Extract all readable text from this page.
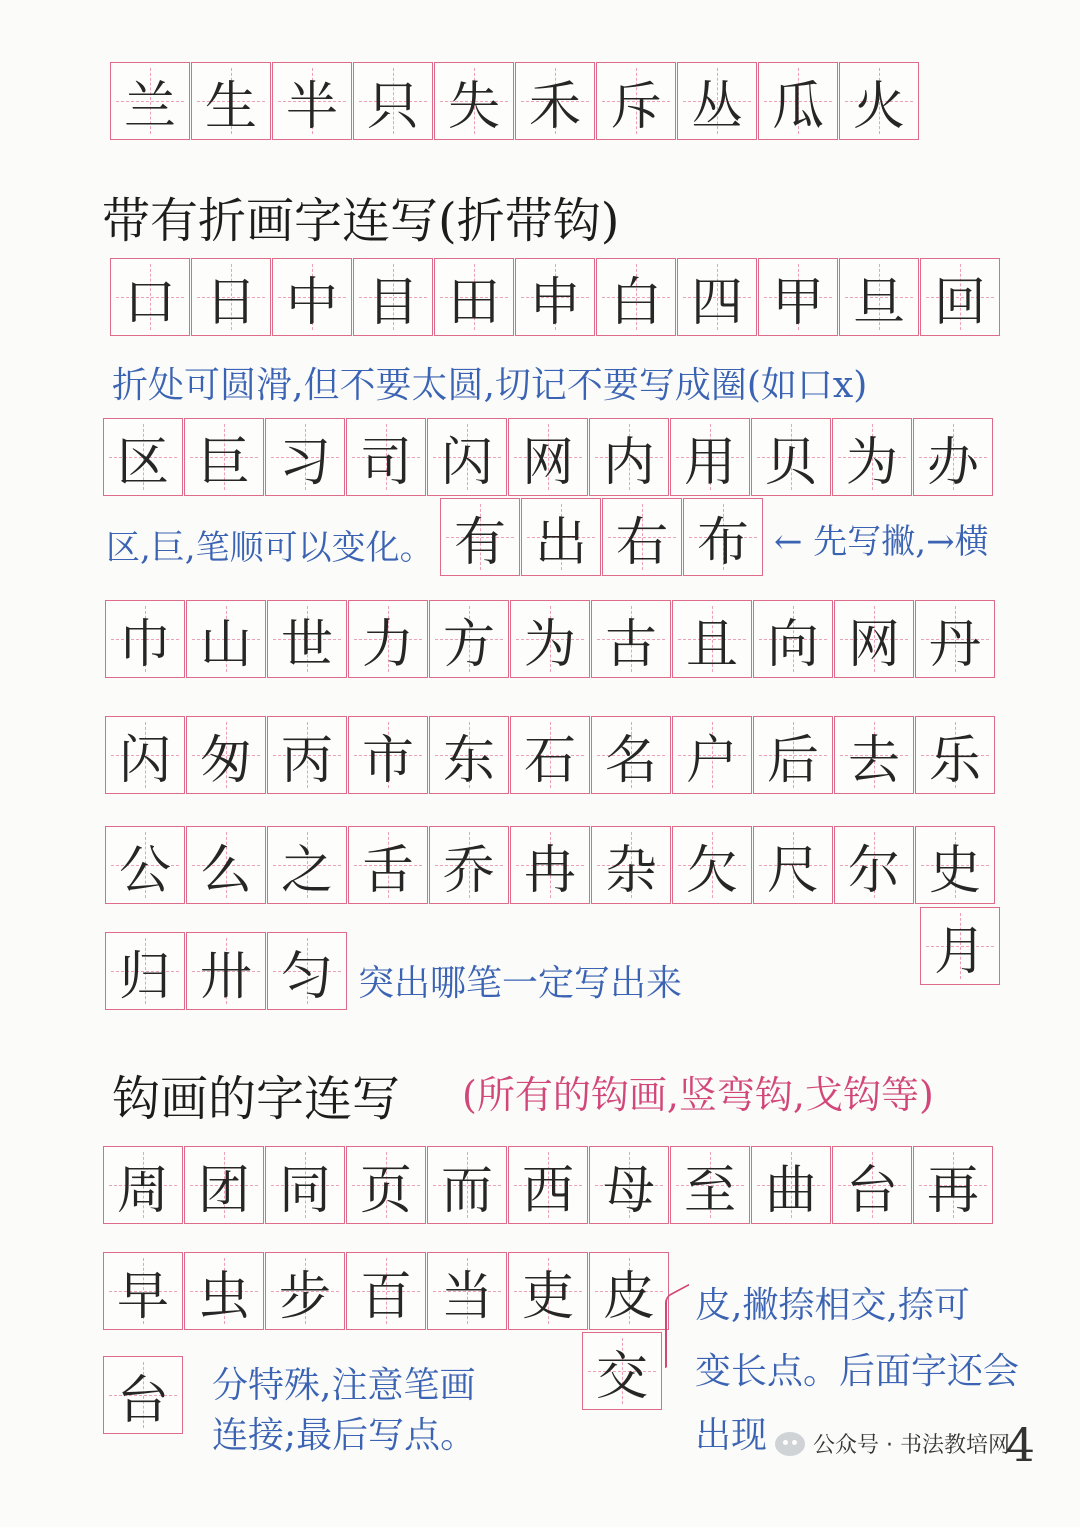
兰 生 半 只 失 禾 斥 丛 瓜 火
带有折画字连写(折带钩)
口 日 中 目 田 申 白 四 甲 旦 回
折处可圆滑,但不要太圆,切记不要写成圈(如口x)
区 巨 习 司 闪 网 内 用 贝 为 办
区,巨,笔顺可以变化。 有 出 右 布 ← 先写撇,→横
巾 山 世 力 方 为 古 且 向 网 丹
闪 匆 丙 市 东 石 名 户 后 去 乐
公 么 之 舌 乔 冉 杂 欠 尺 尔 史
月
归 卅 匀 突出哪笔一定写出来
钩画的字连写 (所有的钩画,竖弯钩,戈钩等)
周 团 同 页 而 西 母 至 曲 台 再
早 虫 步 百 当 吏 皮
交
皮,撇捺相交,捺可
变长点。后面字还会
出现
台 分特殊,注意笔画
连接;最后写点。	公众号 · 书法教培网
4
